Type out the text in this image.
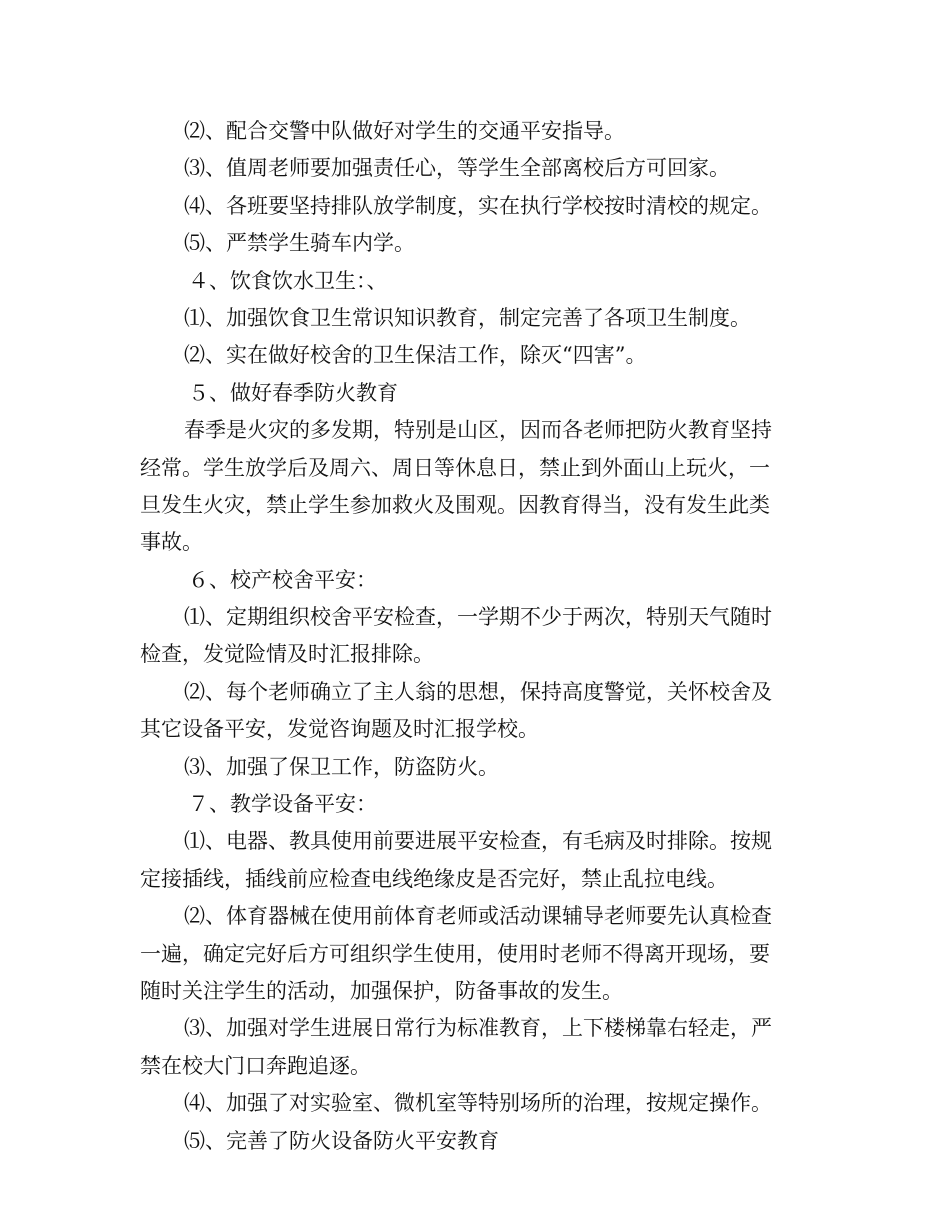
⑵、配合交警中队做好对学生的交通平安指导。
⑶、值周老师要加强责任心，等学生全部离校后方可回家。
⑷、各班要坚持排队放学制度，实在执行学校按时清校的规定。
⑸、严禁学生骑车内学。
４、饮食饮水卫生：、
⑴、加强饮食卫生常识知识教育，制定完善了各项卫生制度。
⑵、实在做好校舍的卫生保洁工作，除灭“四害”。
５、做好春季防火教育
春季是火灾的多发期，特别是山区，因而各老师把防火教育坚持
经常。学生放学后及周六、周日等休息日，禁止到外面山上玩火，一
旦发生火灾，禁止学生参加救火及围观。因教育得当，没有发生此类
事故。
６、校产校舍平安：
⑴、定期组织校舍平安检查，一学期不少于两次，特别天气随时
检查，发觉险情及时汇报排除。
⑵、每个老师确立了主人翁的思想，保持高度警觉，关怀校舍及
其它设备平安，发觉咨询题及时汇报学校。
⑶、加强了保卫工作，防盗防火。
７、教学设备平安：
⑴、电器、教具使用前要进展平安检查，有毛病及时排除。按规
定接插线，插线前应检查电线绝缘皮是否完好，禁止乱拉电线。
⑵、体育器械在使用前体育老师或活动课辅导老师要先认真检查
一遍，确定完好后方可组织学生使用，使用时老师不得离开现场，要
随时关注学生的活动，加强保护，防备事故的发生。
⑶、加强对学生进展日常行为标准教育，上下楼梯靠右轻走，严
禁在校大门口奔跑追逐。
⑷、加强了对实验室、微机室等特别场所的治理，按规定操作。
⑸、完善了防火设备防火平安教育
